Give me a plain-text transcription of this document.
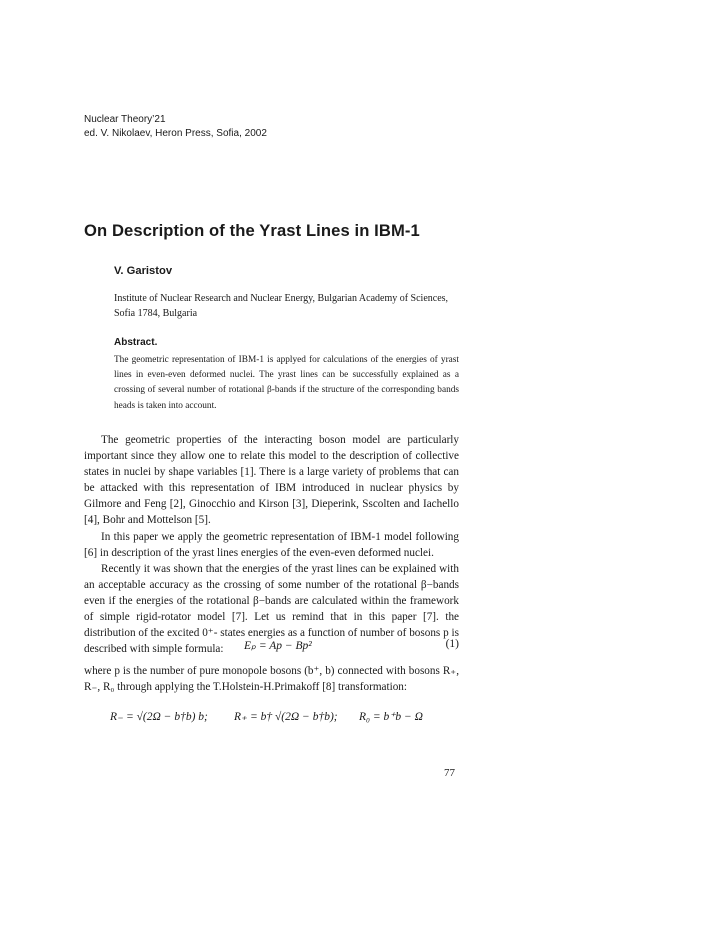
Nuclear Theory’21
ed. V. Nikolaev, Heron Press, Sofia, 2002
On Description of the Yrast Lines in IBM-1
V. Garistov
Institute of Nuclear Research and Nuclear Energy, Bulgarian Academy of Sciences, Sofia 1784, Bulgaria
Abstract.
The geometric representation of IBM-1 is applyed for calculations of the energies of yrast lines in even-even deformed nuclei. The yrast lines can be successfully explained as a crossing of several number of rotational β-bands if the structure of the corresponding bands heads is taken into account.

The geometric properties of the interacting boson model are particularly important since they allow one to relate this model to the description of collective states in nuclei by shape variables [1]. There is a large variety of problems that can be attacked with this representation of IBM introduced in nuclear physics by Gilmore and Feng [2], Ginocchio and Kirson [3], Dieperink, Sscolten and Iachello [4], Bohr and Mottelson [5].

In this paper we apply the geometric representation of IBM-1 model following [6] in description of the yrast lines energies of the even-even deformed nuclei.

Recently it was shown that the energies of the yrast lines can be explained with an acceptable accuracy as the crossing of some number of the rotational β−bands even if the energies of the rotational β−bands are calculated within the framework of simple rigid-rotator model [7]. Let us remind that in this paper [7]. the distribution of the excited 0⁺- states energies as a function of number of bosons p is described with simple formula:	Eₚ = Ap − Bp²	(1)

where p is the number of pure monopole bosons (b⁺, b) connected with bosons R₊, R₋, R₀ through applying the T.Holstein-H.Primakoff [8] transformation:

R₋ = √(2Ω − b†b) b; R₊ = b† √(2Ω − b†b); R₀ = b⁺b − Ω
77
